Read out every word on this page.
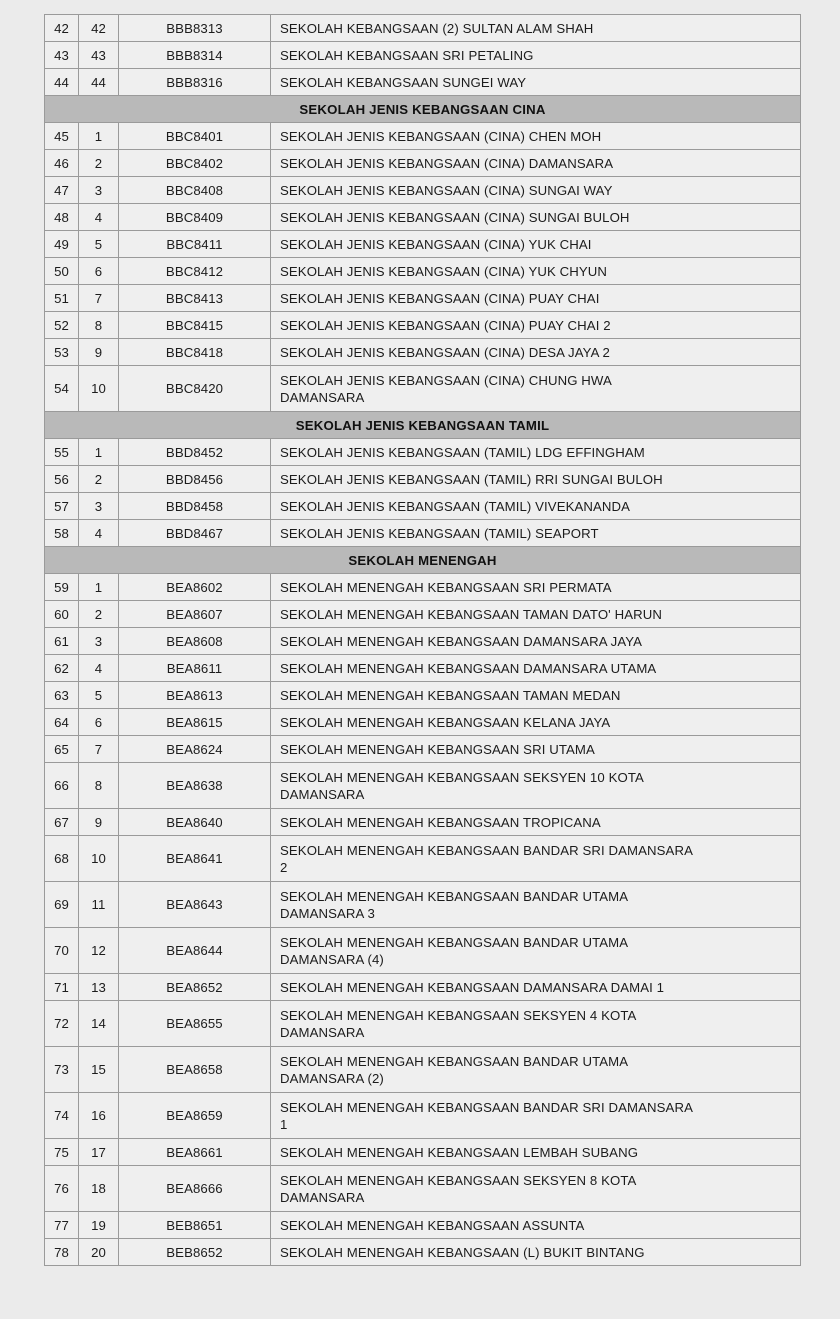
42	42	BBB8313	SEKOLAH KEBANGSAAN (2) SULTAN ALAM SHAH
43	43	BBB8314	SEKOLAH KEBANGSAAN SRI PETALING
44	44	BBB8316	SEKOLAH KEBANGSAAN SUNGEI WAY
SEKOLAH JENIS KEBANGSAAN CINA			
45	1	BBC8401	SEKOLAH JENIS KEBANGSAAN (CINA) CHEN MOH
46	2	BBC8402	SEKOLAH JENIS KEBANGSAAN (CINA) DAMANSARA
47	3	BBC8408	SEKOLAH JENIS KEBANGSAAN (CINA) SUNGAI WAY
48	4	BBC8409	SEKOLAH JENIS KEBANGSAAN (CINA) SUNGAI BULOH
49	5	BBC8411	SEKOLAH JENIS KEBANGSAAN (CINA) YUK CHAI
50	6	BBC8412	SEKOLAH JENIS KEBANGSAAN (CINA) YUK CHYUN
51	7	BBC8413	SEKOLAH JENIS KEBANGSAAN (CINA) PUAY CHAI
52	8	BBC8415	SEKOLAH JENIS KEBANGSAAN (CINA) PUAY CHAI 2
53	9	BBC8418	SEKOLAH JENIS KEBANGSAAN (CINA) DESA JAYA 2
54	10	BBC8420	SEKOLAH JENIS KEBANGSAAN (CINA) CHUNG HWA
DAMANSARA

SEKOLAH JENIS KEBANGSAAN TAMIL			
55	1	BBD8452	SEKOLAH JENIS KEBANGSAAN (TAMIL) LDG EFFINGHAM
56	2	BBD8456	SEKOLAH JENIS KEBANGSAAN (TAMIL) RRI SUNGAI BULOH
57	3	BBD8458	SEKOLAH JENIS KEBANGSAAN (TAMIL) VIVEKANANDA
58	4	BBD8467	SEKOLAH JENIS KEBANGSAAN (TAMIL) SEAPORT
SEKOLAH MENENGAH			
59	1	BEA8602	SEKOLAH MENENGAH KEBANGSAAN SRI PERMATA
60	2	BEA8607	SEKOLAH MENENGAH KEBANGSAAN TAMAN DATO' HARUN
61	3	BEA8608	SEKOLAH MENENGAH KEBANGSAAN DAMANSARA JAYA
62	4	BEA8611	SEKOLAH MENENGAH KEBANGSAAN DAMANSARA UTAMA
63	5	BEA8613	SEKOLAH MENENGAH KEBANGSAAN TAMAN MEDAN
64	6	BEA8615	SEKOLAH MENENGAH KEBANGSAAN KELANA JAYA
65	7	BEA8624	SEKOLAH MENENGAH KEBANGSAAN SRI UTAMA
66	8	BEA8638	SEKOLAH MENENGAH KEBANGSAAN SEKSYEN 10 KOTA
DAMANSARA

67	9	BEA8640	SEKOLAH MENENGAH KEBANGSAAN TROPICANA
68	10	BEA8641	SEKOLAH MENENGAH KEBANGSAAN BANDAR SRI DAMANSARA
2

69	11	BEA8643	SEKOLAH MENENGAH KEBANGSAAN BANDAR UTAMA
DAMANSARA 3

70	12	BEA8644	SEKOLAH MENENGAH KEBANGSAAN BANDAR UTAMA
DAMANSARA (4)

71	13	BEA8652	SEKOLAH MENENGAH KEBANGSAAN DAMANSARA DAMAI 1
72	14	BEA8655	SEKOLAH MENENGAH KEBANGSAAN SEKSYEN 4 KOTA
DAMANSARA

73	15	BEA8658	SEKOLAH MENENGAH KEBANGSAAN BANDAR UTAMA
DAMANSARA (2)

74	16	BEA8659	SEKOLAH MENENGAH KEBANGSAAN BANDAR SRI DAMANSARA
1

75	17	BEA8661	SEKOLAH MENENGAH KEBANGSAAN LEMBAH SUBANG
76	18	BEA8666	SEKOLAH MENENGAH KEBANGSAAN SEKSYEN 8 KOTA
DAMANSARA

77	19	BEB8651	SEKOLAH MENENGAH KEBANGSAAN ASSUNTA
78	20	BEB8652	SEKOLAH MENENGAH KEBANGSAAN (L) BUKIT BINTANG
